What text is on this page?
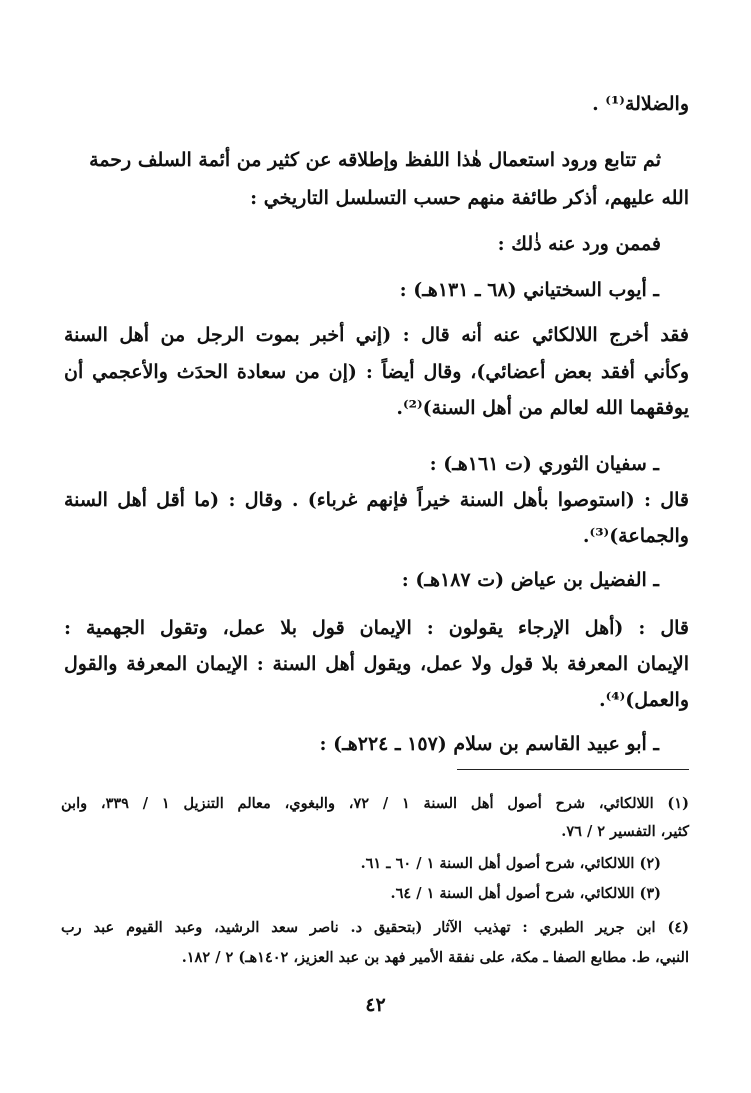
والضلالة⁽¹⁾ .
ثم تتابع ورود استعمال هٰذا اللفظ وإطلاقه عن كثير من أئمة السلف رحمة
الله عليهم، أذكر طائفة منهم حسب التسلسل التاريخي :
فممن ورد عنه ذٰلك :
ـ أيوب السختياني (٦٨ ـ ١٣١هـ) :
فقد أخرج اللالكائي عنه أنه قال : (إني أخبر بموت الرجل من أهل السنة
وكأني أفقد بعض أعضائي)، وقال أيضاً : (إن من سعادة الحدَث والأعجمي أن
يوفقهما الله لعالم من أهل السنة)⁽²⁾.
ـ سفيان الثوري (ت ١٦١هـ) :
قال : (استوصوا بأهل السنة خيراً فإنهم غرباء) . وقال : (ما أقل أهل السنة
والجماعة)⁽³⁾.
ـ الفضيل بن عياض (ت ١٨٧هـ) :
قال : (أهل الإرجاء يقولون : الإيمان قول بلا عمل، وتقول الجهمية :
الإيمان المعرفة بلا قول ولا عمل، ويقول أهل السنة : الإيمان المعرفة والقول
والعمل)⁽⁴⁾.
ـ أبو عبيد القاسم بن سلام (١٥٧ ـ ٢٢٤هـ) :
(١) اللالكائي، شرح أصول أهل السنة ١ / ٧٢، والبغوي، معالم التنزيل ١ / ٣٣٩، وابن
كثير، التفسير ٢ / ٧٦.
(٢) اللالكائي، شرح أصول أهل السنة ١ / ٦٠ ـ ٦١.
(٣) اللالكائي، شرح أصول أهل السنة ١ / ٦٤.
(٤) ابن جرير الطبري : تهذيب الآثار (بتحقيق د. ناصر سعد الرشيد، وعبد القيوم عبد رب
النبي، ط. مطابع الصفا ـ مكة، على نفقة الأمير فهد بن عبد العزيز، ١٤٠٢هـ) ٢ / ١٨٢.
٤٢
